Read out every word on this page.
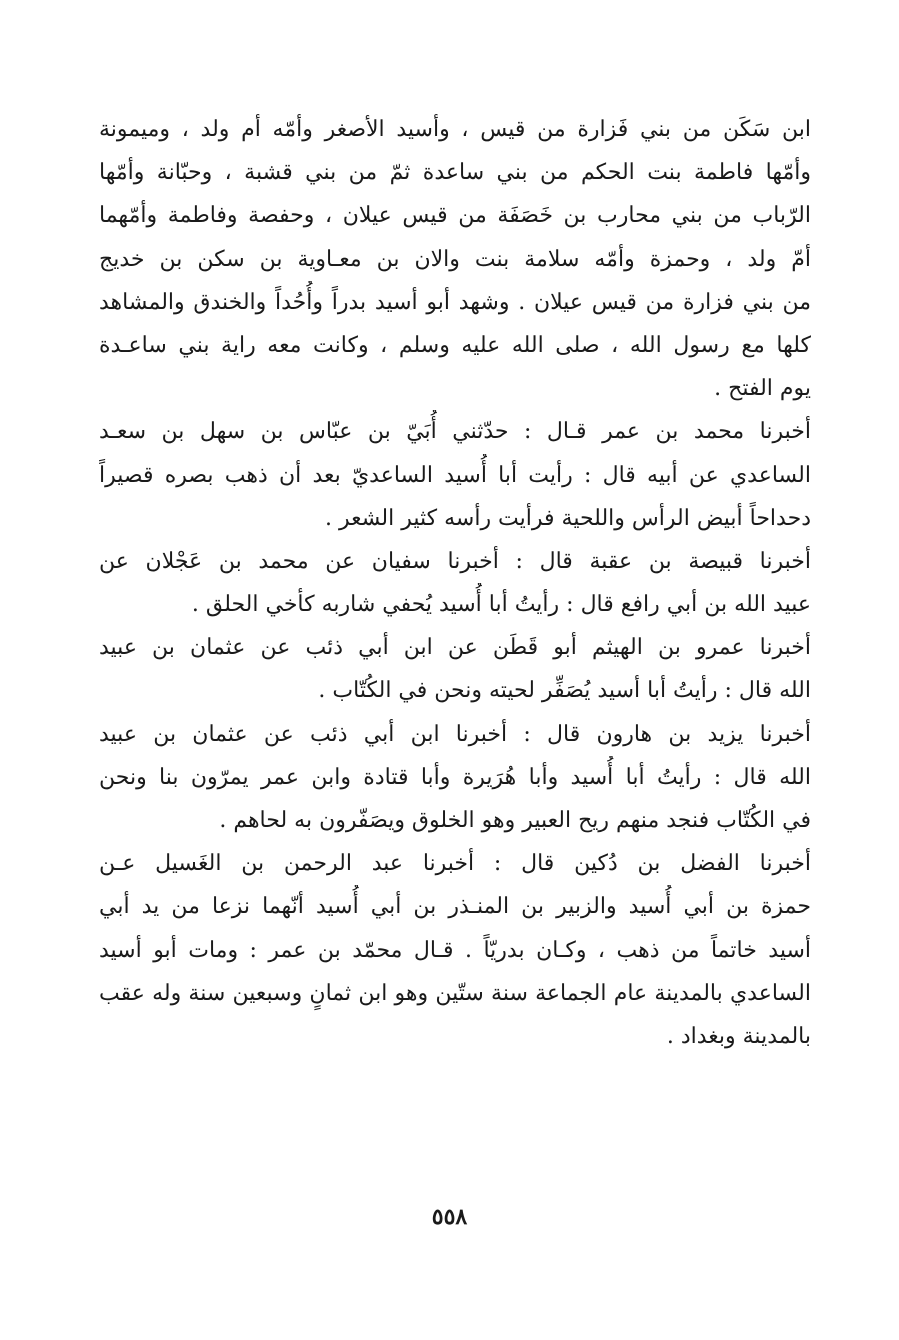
ابن سَكَن من بني فَزارة من قيس ، وأسيد الأصغر وأمّه أم ولد ، وميمونة
وأمّها فاطمة بنت الحكم من بني ساعدة ثمّ من بني قشبة ، وحبّانة وأمّها
الرّباب من بني محارب بن خَصَفَة من قيس عيلان ، وحفصة وفاطمة وأمّهما
أمّ ولد ، وحمزة وأمّه سلامة بنت والان بن معـاوية بن سكن بن خديج
من بني فزارة من قيس عيلان . وشهد أبو أسيد بدراً وأُحُداً والخندق والمشاهد
كلها مع رسول الله ، صلى الله عليه وسلم ، وكانت معه راية بني ساعـدة
يوم الفتح .
أخبرنا محمد بن عمر قـال : حدّثني أُبَيّ بن عبّاس بن سهل بن سعـد
الساعدي عن أبيه قال : رأيت أبا أُسيد الساعديّ بعد أن ذهب بصره قصيراً
دحداحاً أبيض الرأس واللحية فرأيت رأسه كثير الشعر .
أخبرنا قبيصة بن عقبة قال : أخبرنا سفيان عن محمد بن عَجْلان عن
عبيد الله بن أبي رافع قال : رأيتُ أبا أُسيد يُحفي شاربه كأخي الحلق .
أخبرنا عمرو بن الهيثم أبو قَطَن عن ابن أبي ذئب عن عثمان بن عبيد
الله قال : رأيتُ أبا أسيد يُصَفِّر لحيته ونحن في الكُتّاب .
أخبرنا يزيد بن هارون قال : أخبرنا ابن أبي ذئب عن عثمان بن عبيد
الله قال : رأيتُ أبا أُسيد وأبا هُرَيرة وأبا قتادة وابن عمر يمرّون بنا ونحن
في الكُتّاب فنجد منهم ريح العبير وهو الخلوق ويصَفّرون به لحاهم .
أخبرنا الفضل بن دُكين قال : أخبرنا عبد الرحمن بن الغَسيل عـن
حمزة بن أبي أُسيد والزبير بن المنـذر بن أبي أُسيد أنّهما نزعا من يد أبي
أسيد خاتماً من ذهب ، وكـان بدريّاً . قـال محمّد بن عمر : ومات أبو أسيد
الساعدي بالمدينة عام الجماعة سنة ستّين وهو ابن ثمانٍ وسبعين سنة وله عقب
بالمدينة وبغداد .
٥٥٨
